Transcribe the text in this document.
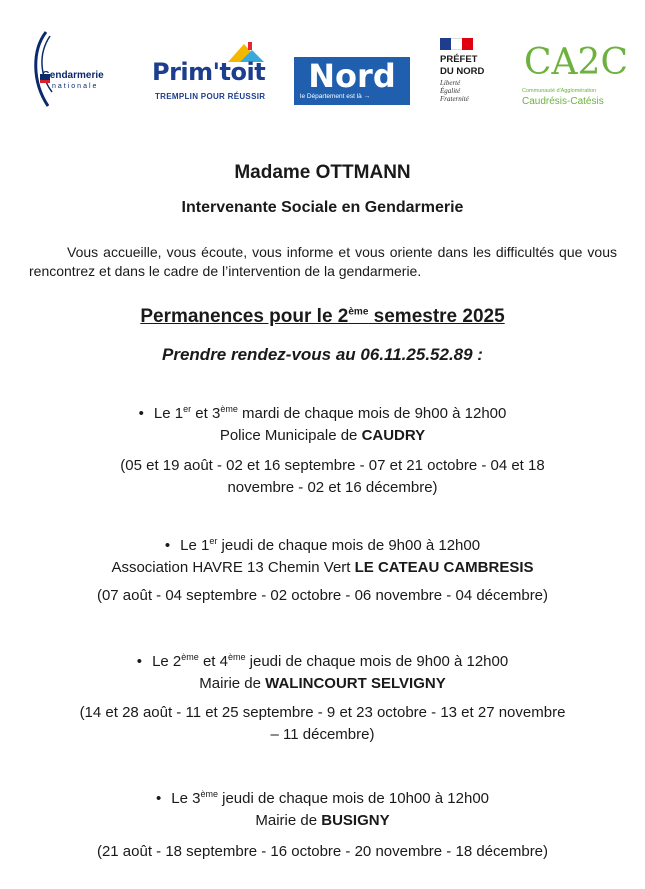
Gendarmerie
nationale
Prim'toit
TREMPLIN POUR RÉUSSIR
Nord
le Département est là →
PRÉFET
DU NORD
Liberté
Égalité
Fraternité
CA2C
Communauté d'Agglomération
Caudrésis-Catésis
Madame OTTMANN
Intervenante Sociale en Gendarmerie
Vous accueille, vous écoute, vous informe et vous oriente dans les difficultés que vous rencontrez et dans le cadre de l’intervention de la gendarmerie.
Permanences pour le 2ème semestre 2025
Prendre rendez-vous au 06.11.25.52.89 :
• Le 1er et 3ème mardi de chaque mois de 9h00 à 12h00
Police Municipale de CAUDRY
(05 et 19 août - 02 et 16 septembre - 07 et 21 octobre - 04 et 18
novembre - 02 et 16 décembre)
• Le 1er jeudi de chaque mois de 9h00 à 12h00
Association HAVRE 13 Chemin Vert LE CATEAU CAMBRESIS
(07 août - 04 septembre - 02 octobre - 06 novembre - 04 décembre)
• Le 2ème et 4ème jeudi de chaque mois de 9h00 à 12h00
Mairie de WALINCOURT SELVIGNY
(14 et 28 août - 11 et 25 septembre - 9 et 23 octobre - 13 et 27 novembre
– 11 décembre)
• Le 3ème jeudi de chaque mois de 10h00 à 12h00
Mairie de BUSIGNY
(21 août - 18 septembre - 16 octobre - 20 novembre - 18 décembre)
